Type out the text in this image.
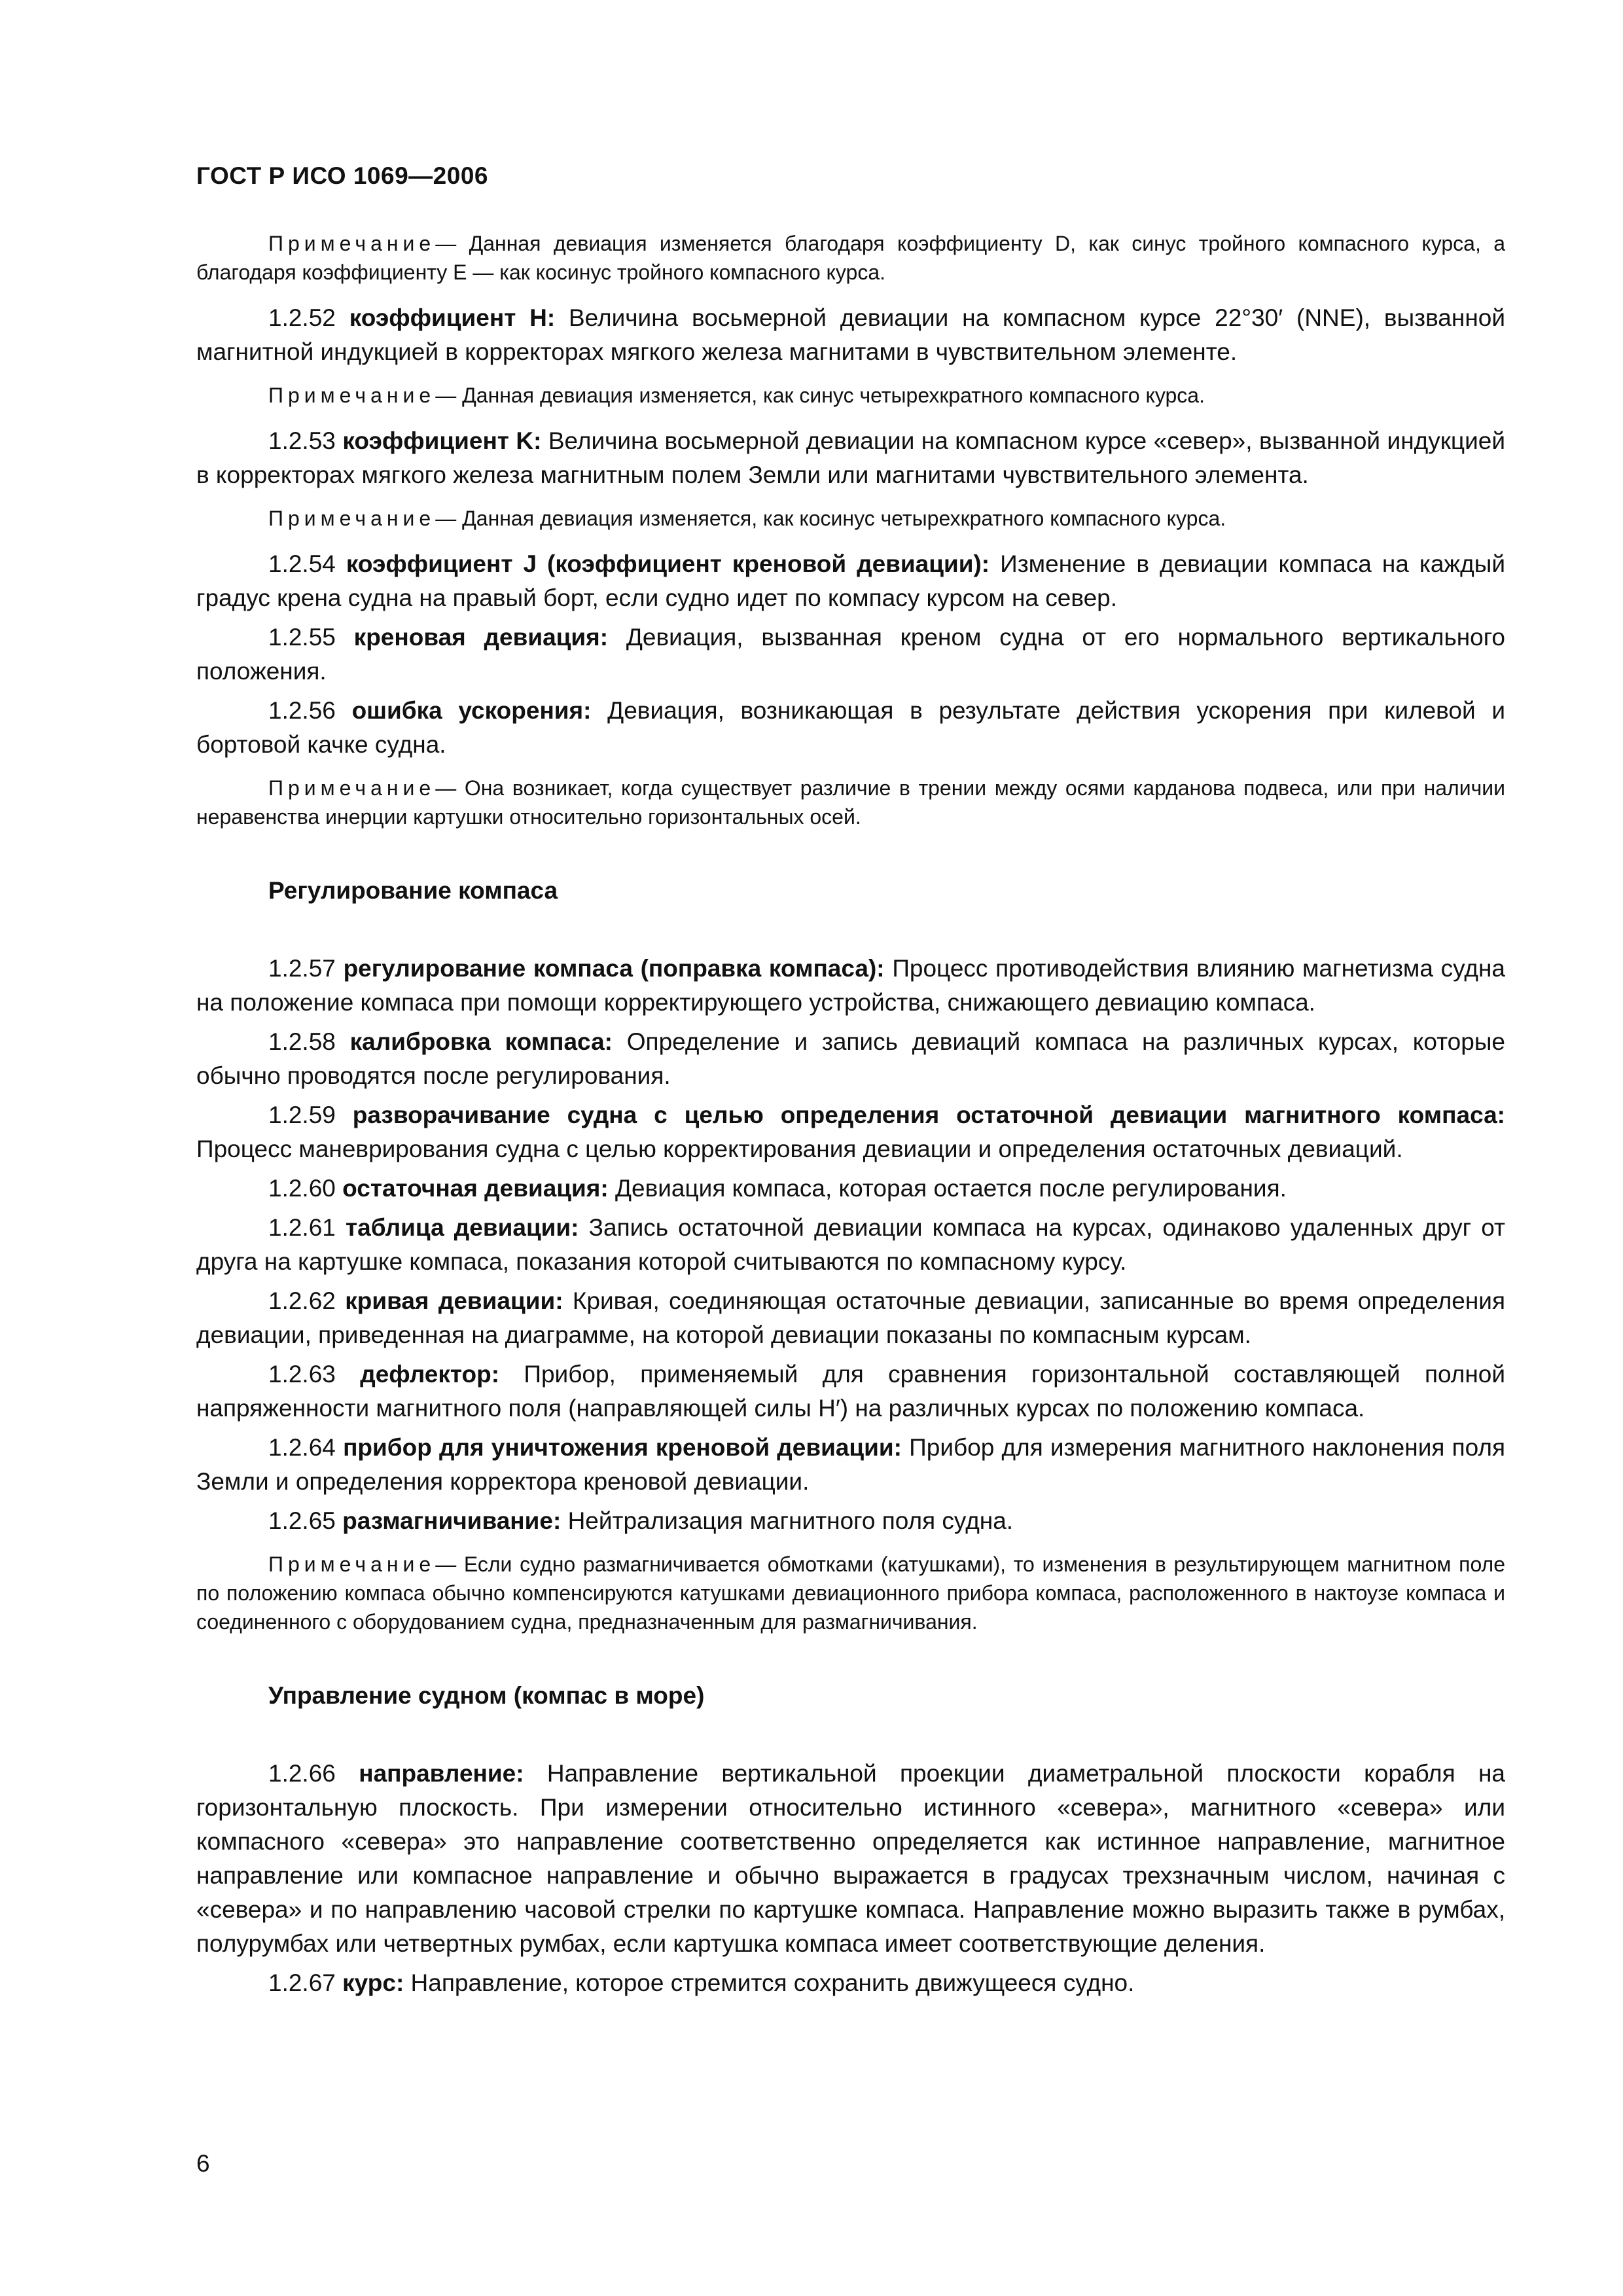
ГОСТ Р ИСО 1069—2006
Примечание— Данная девиация изменяется благодаря коэффициенту D, как синус тройного компасного курса, а благодаря коэффициенту E — как косинус тройного компасного курса.
1.2.52 коэффициент H: Величина восьмерной девиации на компасном курсе 22°30′ (NNE), вызванной магнитной индукцией в корректорах мягкого железа магнитами в чувствительном элементе.
Примечание— Данная девиация изменяется, как синус четырехкратного компасного курса.
1.2.53 коэффициент K: Величина восьмерной девиации на компасном курсе «север», вызванной индукцией в корректорах мягкого железа магнитным полем Земли или магнитами чувствительного элемента.
Примечание— Данная девиация изменяется, как косинус четырехкратного компасного курса.
1.2.54 коэффициент J (коэффициент креновой девиации): Изменение в девиации компаса на каждый градус крена судна на правый борт, если судно идет по компасу курсом на север.
1.2.55 креновая девиация: Девиация, вызванная креном судна от его нормального вертикального положения.
1.2.56 ошибка ускорения: Девиация, возникающая в результате действия ускорения при килевой и бортовой качке судна.
Примечание— Она возникает, когда существует различие в трении между осями карданова подвеса, или при наличии неравенства инерции картушки относительно горизонтальных осей.
Регулирование компаса
1.2.57 регулирование компаса (поправка компаса): Процесс противодействия влиянию магнетизма судна на положение компаса при помощи корректирующего устройства, снижающего девиацию компаса.
1.2.58 калибровка компаса: Определение и запись девиаций компаса на различных курсах, которые обычно проводятся после регулирования.
1.2.59 разворачивание судна с целью определения остаточной девиации магнитного компаса: Процесс маневрирования судна с целью корректирования девиации и определения остаточных девиаций.
1.2.60 остаточная девиация: Девиация компаса, которая остается после регулирования.
1.2.61 таблица девиации: Запись остаточной девиации компаса на курсах, одинаково удаленных друг от друга на картушке компаса, показания которой считываются по компасному курсу.
1.2.62 кривая девиации: Кривая, соединяющая остаточные девиации, записанные во время определения девиации, приведенная на диаграмме, на которой девиации показаны по компасным курсам.
1.2.63 дефлектор: Прибор, применяемый для сравнения горизонтальной составляющей полной напряженности магнитного поля (направляющей силы H′) на различных курсах по положению компаса.
1.2.64 прибор для уничтожения креновой девиации: Прибор для измерения магнитного наклонения поля Земли и определения корректора креновой девиации.
1.2.65 размагничивание: Нейтрализация магнитного поля судна.
Примечание— Если судно размагничивается обмотками (катушками), то изменения в результирующем магнитном поле по положению компаса обычно компенсируются катушками девиационного прибора компаса, расположенного в нактоузе компаса и соединенного с оборудованием судна, предназначенным для размагничивания.
Управление судном (компас в море)
1.2.66 направление: Направление вертикальной проекции диаметральной плоскости корабля на горизонтальную плоскость. При измерении относительно истинного «севера», магнитного «севера» или компасного «севера» это направление соответственно определяется как истинное направление, магнитное направление или компасное направление и обычно выражается в градусах трехзначным числом, начиная с «севера» и по направлению часовой стрелки по картушке компаса. Направление можно выразить также в румбах, полурумбах или четвертных румбах, если картушка компаса имеет соответствующие деления.
1.2.67 курс: Направление, которое стремится сохранить движущееся судно.
6
